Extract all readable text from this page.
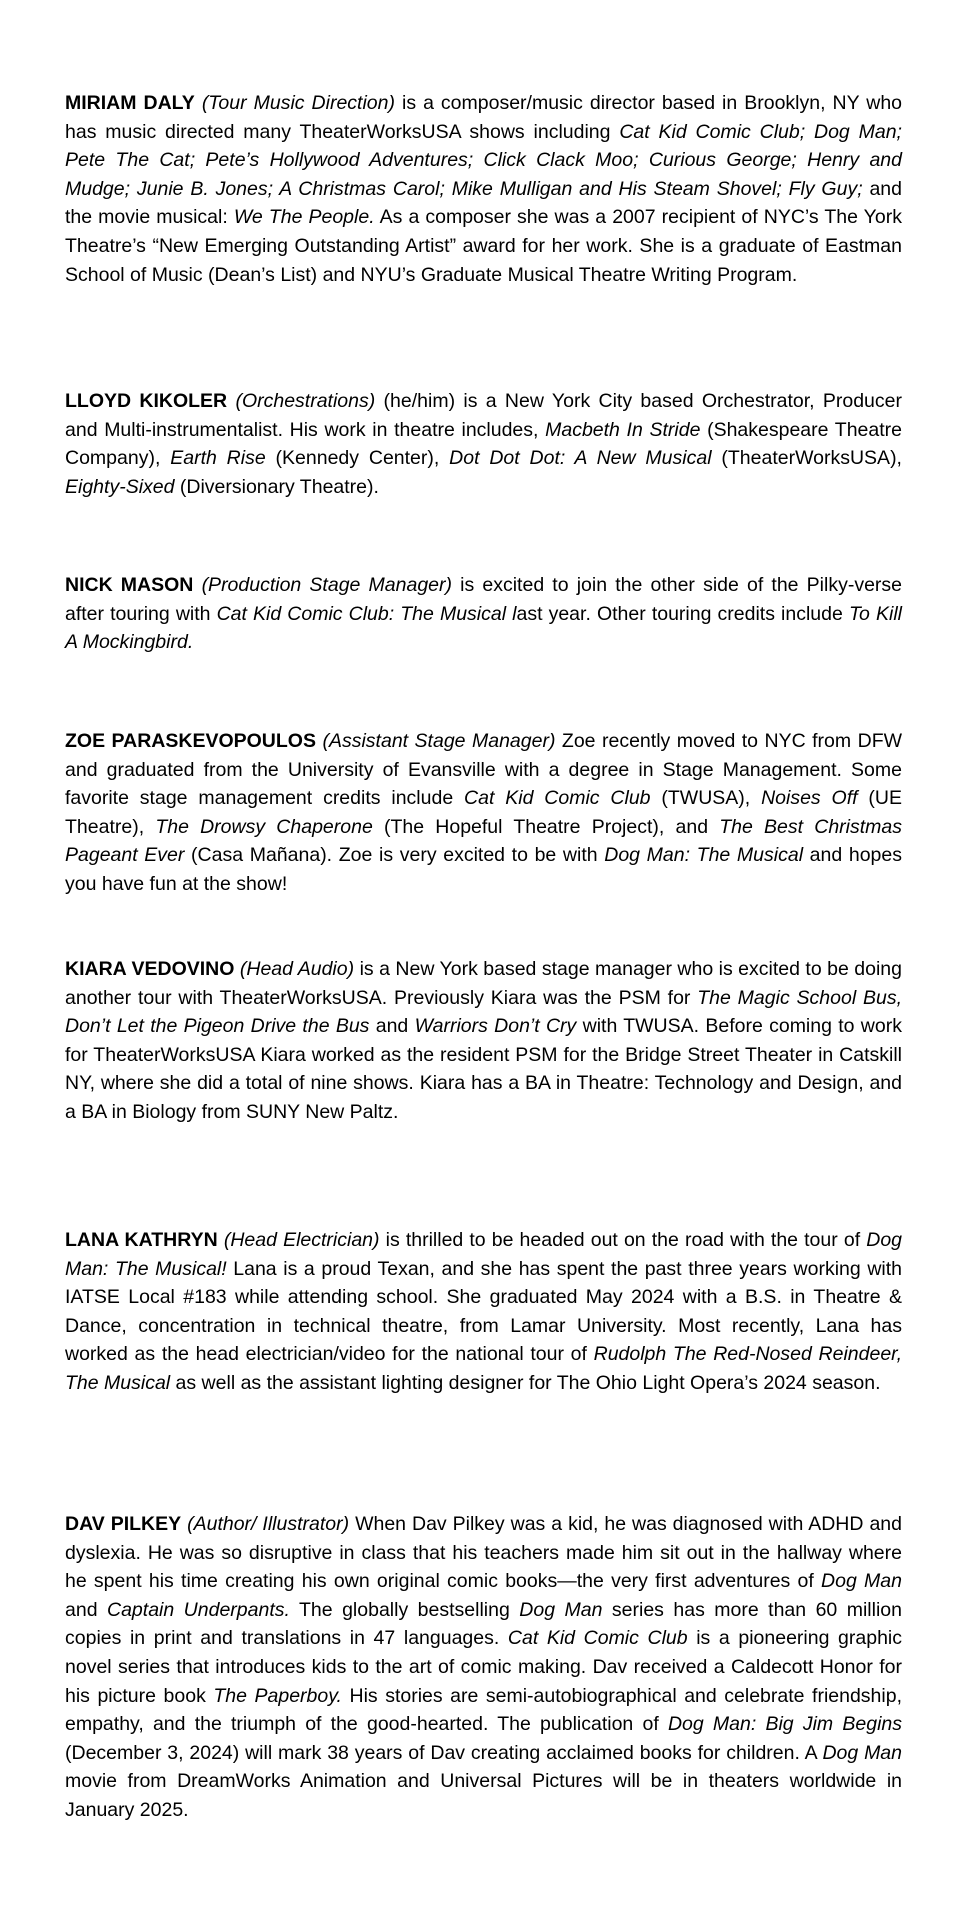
MIRIAM DALY (Tour Music Direction) is a composer/music director based in Brooklyn, NY who has music directed many TheaterWorksUSA shows including Cat Kid Comic Club; Dog Man; Pete The Cat; Pete’s Hollywood Adventures; Click Clack Moo; Curious George; Henry and Mudge; Junie B. Jones; A Christmas Carol; Mike Mulligan and His Steam Shovel; Fly Guy; and the movie musical: We The People. As a composer she was a 2007 recipient of NYC’s The York Theatre’s “New Emerging Outstanding Artist” award for her work. She is a graduate of Eastman School of Music (Dean’s List) and NYU’s Graduate Musical Theatre Writing Program.

LLOYD KIKOLER (Orchestrations) (he/him) is a New York City based Orchestrator, Producer and Multi-instrumentalist. His work in theatre includes, Macbeth In Stride (Shakespeare Theatre Company), Earth Rise (Kennedy Center), Dot Dot Dot: A New Musical (TheaterWorksUSA), Eighty-Sixed (Diversionary Theatre).

NICK MASON (Production Stage Manager) is excited to join the other side of the Pilky-verse after touring with Cat Kid Comic Club: The Musical last year. Other touring credits include To Kill A Mockingbird.

ZOE PARASKEVOPOULOS (Assistant Stage Manager) Zoe recently moved to NYC from DFW and graduated from the University of Evansville with a degree in Stage Management. Some favorite stage management credits include Cat Kid Comic Club (TWUSA), Noises Off (UE Theatre), The Drowsy Chaperone (The Hopeful Theatre Project), and The Best Christmas Pageant Ever (Casa Mañana). Zoe is very excited to be with Dog Man: The Musical and hopes you have fun at the show!

KIARA VEDOVINO (Head Audio) is a New York based stage manager who is excited to be doing another tour with TheaterWorksUSA. Previously Kiara was the PSM for The Magic School Bus, Don’t Let the Pigeon Drive the Bus and Warriors Don’t Cry with TWUSA. Before coming to work for TheaterWorksUSA Kiara worked as the resident PSM for the Bridge Street Theater in Catskill NY, where she did a total of nine shows. Kiara has a BA in Theatre: Technology and Design, and a BA in Biology from SUNY New Paltz.

LANA KATHRYN (Head Electrician) is thrilled to be headed out on the road with the tour of Dog Man: The Musical! Lana is a proud Texan, and she has spent the past three years working with IATSE Local #183 while attending school. She graduated May 2024 with a B.S. in Theatre & Dance, concentration in technical theatre, from Lamar University. Most recently, Lana has worked as the head electrician/video for the national tour of Rudolph The Red-Nosed Reindeer, The Musical as well as the assistant lighting designer for The Ohio Light Opera’s 2024 season.

DAV PILKEY (Author/ Illustrator) When Dav Pilkey was a kid, he was diagnosed with ADHD and dyslexia. He was so disruptive in class that his teachers made him sit out in the hallway where he spent his time creating his own original comic books—the very first adventures of Dog Man and Captain Underpants. The globally bestselling Dog Man series has more than 60 million copies in print and translations in 47 languages. Cat Kid Comic Club is a pioneering graphic novel series that introduces kids to the art of comic making. Dav received a Caldecott Honor for his picture book The Paperboy. His stories are semi-autobiographical and celebrate friendship, empathy, and the triumph of the good-hearted. The publication of Dog Man: Big Jim Begins (December 3, 2024) will mark 38 years of Dav creating acclaimed books for children. A Dog Man movie from DreamWorks Animation and Universal Pictures will be in theaters worldwide in January 2025.
